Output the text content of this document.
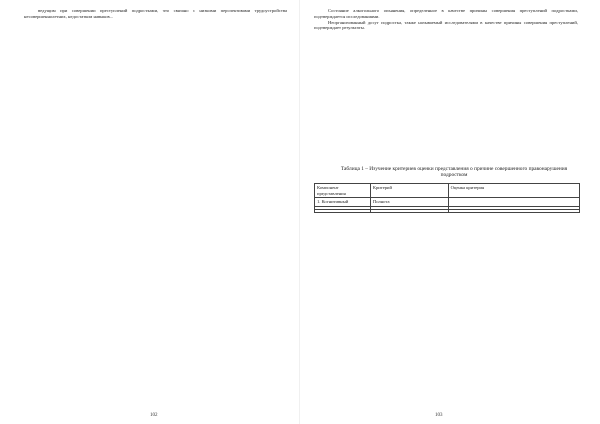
ведущим при совершении преступлений подростками, что связано с низкими перспективами трудоустройства несовершеннолетних, недостатком навыков...

102

Состояние алкогольного опьянения, определенное в качестве причины совершения преступлений подростками, подтверждается исследованиями.

Неорганизованный досуг подростка, также называемый исследователями в качестве причины совершения преступлений, подтверждает результаты.

Таблица 1 – Изучение критериев оценки представления о причине совершенного правонарушения подростком
Компонент представления	Критерий	Оценка критерия
1. Когнитивный	Полнота	

103
